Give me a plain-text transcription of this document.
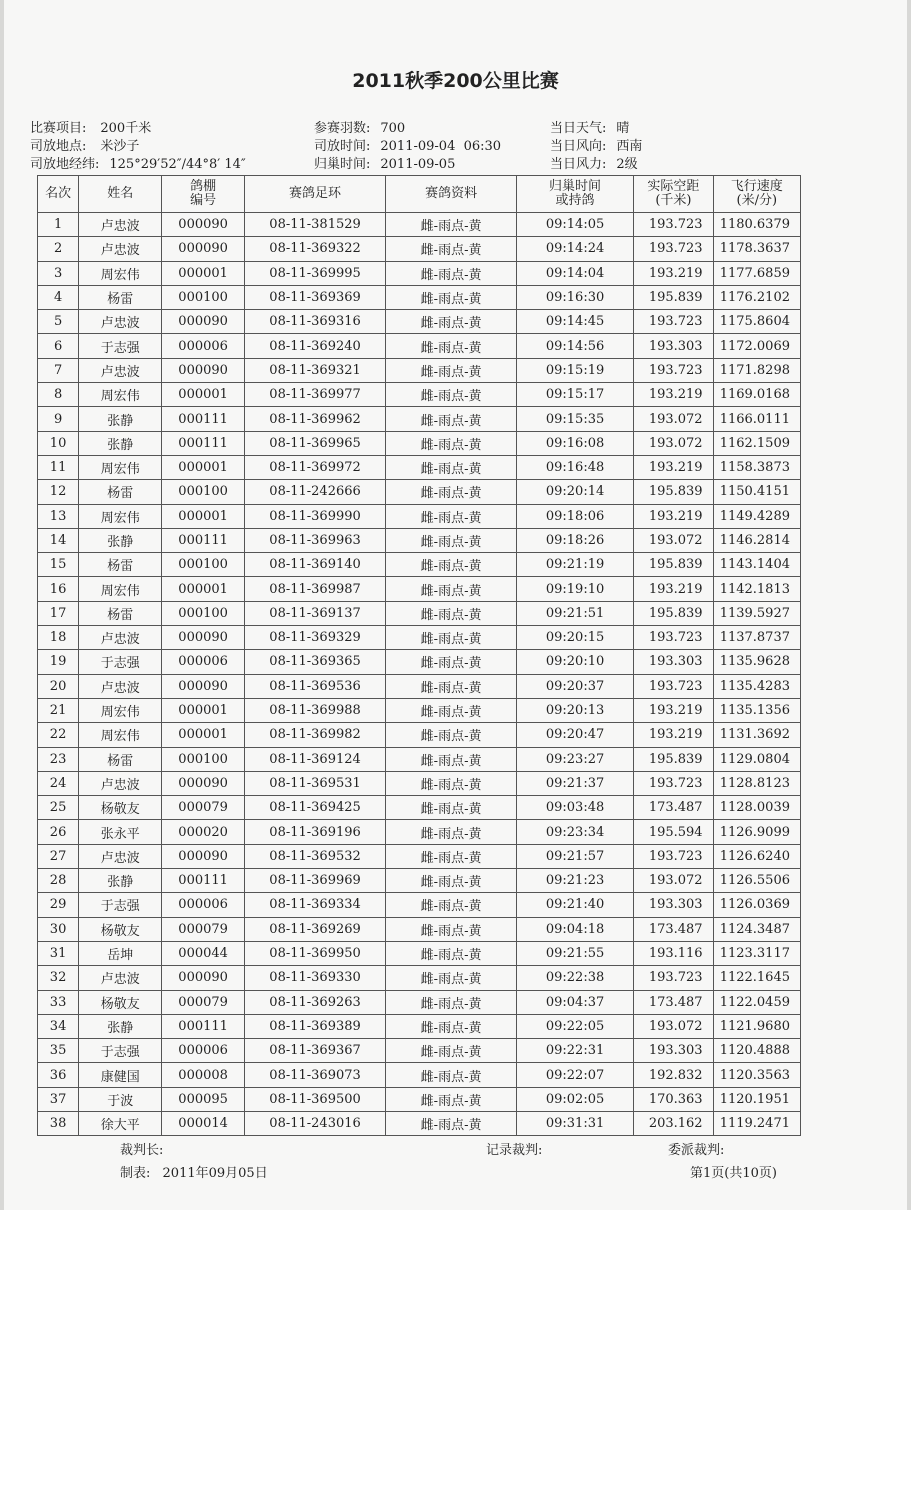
2011秋季200公里比赛
比赛项目: 200千米
司放地点: 米沙子
司放地经纬: 125°29′52″/44°8′ 14″
参赛羽数: 700
司放时间: 2011-09-04  06:30
归巢时间: 2011-09-05
当日天气: 晴
当日风向: 西南
当日风力: 2级
名次	姓名	鸽棚编号	赛鸽足环	赛鸽资料	归巢时间或持鸽	实际空距(千米)	飞行速度(米/分)

1	卢忠波	000090	08-11-381529	雌-雨点-黄	09:14:05	193.723	1180.6379
2	卢忠波	000090	08-11-369322	雌-雨点-黄	09:14:24	193.723	1178.3637
3	周宏伟	000001	08-11-369995	雌-雨点-黄	09:14:04	193.219	1177.6859
4	杨雷	000100	08-11-369369	雌-雨点-黄	09:16:30	195.839	1176.2102
5	卢忠波	000090	08-11-369316	雌-雨点-黄	09:14:45	193.723	1175.8604
6	于志强	000006	08-11-369240	雌-雨点-黄	09:14:56	193.303	1172.0069
7	卢忠波	000090	08-11-369321	雌-雨点-黄	09:15:19	193.723	1171.8298
8	周宏伟	000001	08-11-369977	雌-雨点-黄	09:15:17	193.219	1169.0168
9	张静	000111	08-11-369962	雌-雨点-黄	09:15:35	193.072	1166.0111
10	张静	000111	08-11-369965	雌-雨点-黄	09:16:08	193.072	1162.1509
11	周宏伟	000001	08-11-369972	雌-雨点-黄	09:16:48	193.219	1158.3873
12	杨雷	000100	08-11-242666	雌-雨点-黄	09:20:14	195.839	1150.4151
13	周宏伟	000001	08-11-369990	雌-雨点-黄	09:18:06	193.219	1149.4289
14	张静	000111	08-11-369963	雌-雨点-黄	09:18:26	193.072	1146.2814
15	杨雷	000100	08-11-369140	雌-雨点-黄	09:21:19	195.839	1143.1404
16	周宏伟	000001	08-11-369987	雌-雨点-黄	09:19:10	193.219	1142.1813
17	杨雷	000100	08-11-369137	雌-雨点-黄	09:21:51	195.839	1139.5927
18	卢忠波	000090	08-11-369329	雌-雨点-黄	09:20:15	193.723	1137.8737
19	于志强	000006	08-11-369365	雌-雨点-黄	09:20:10	193.303	1135.9628
20	卢忠波	000090	08-11-369536	雌-雨点-黄	09:20:37	193.723	1135.4283
21	周宏伟	000001	08-11-369988	雌-雨点-黄	09:20:13	193.219	1135.1356
22	周宏伟	000001	08-11-369982	雌-雨点-黄	09:20:47	193.219	1131.3692
23	杨雷	000100	08-11-369124	雌-雨点-黄	09:23:27	195.839	1129.0804
24	卢忠波	000090	08-11-369531	雌-雨点-黄	09:21:37	193.723	1128.8123
25	杨敬友	000079	08-11-369425	雌-雨点-黄	09:03:48	173.487	1128.0039
26	张永平	000020	08-11-369196	雌-雨点-黄	09:23:34	195.594	1126.9099
27	卢忠波	000090	08-11-369532	雌-雨点-黄	09:21:57	193.723	1126.6240
28	张静	000111	08-11-369969	雌-雨点-黄	09:21:23	193.072	1126.5506
29	于志强	000006	08-11-369334	雌-雨点-黄	09:21:40	193.303	1126.0369
30	杨敬友	000079	08-11-369269	雌-雨点-黄	09:04:18	173.487	1124.3487
31	岳坤	000044	08-11-369950	雌-雨点-黄	09:21:55	193.116	1123.3117
32	卢忠波	000090	08-11-369330	雌-雨点-黄	09:22:38	193.723	1122.1645
33	杨敬友	000079	08-11-369263	雌-雨点-黄	09:04:37	173.487	1122.0459
34	张静	000111	08-11-369389	雌-雨点-黄	09:22:05	193.072	1121.9680
35	于志强	000006	08-11-369367	雌-雨点-黄	09:22:31	193.303	1120.4888
36	康健国	000008	08-11-369073	雌-雨点-黄	09:22:07	192.832	1120.3563
37	于波	000095	08-11-369500	雌-雨点-黄	09:02:05	170.363	1120.1951
38	徐大平	000014	08-11-243016	雌-雨点-黄	09:31:31	203.162	1119.2471
裁判长:	记录裁判:	委派裁判:
制表: 2011年09月05日	第1页(共10页)
